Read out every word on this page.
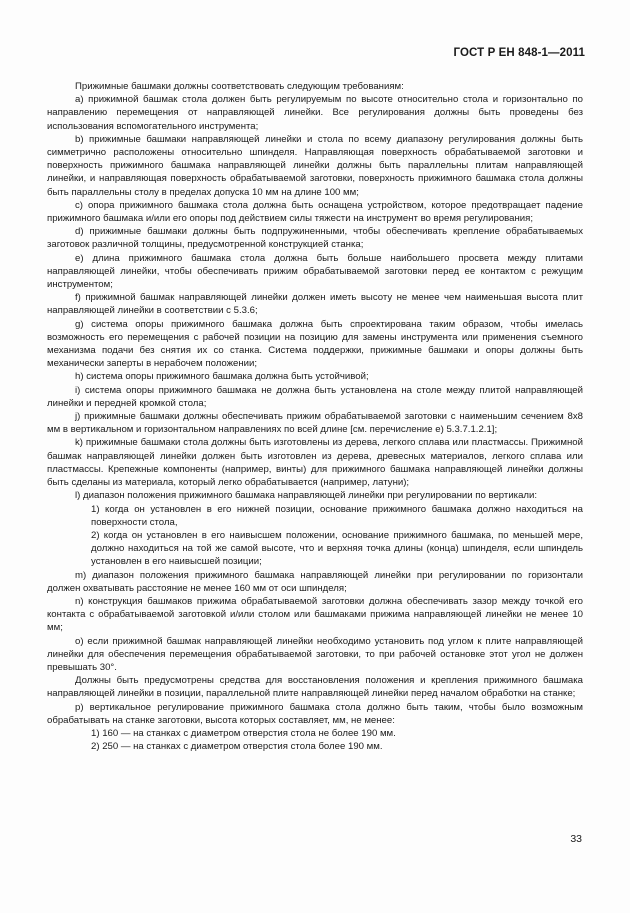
ГОСТ Р ЕН 848-1—2011

Прижимные башмаки должны соответствовать следующим требованиям:

a) прижимной башмак стола должен быть регулируемым по высоте относительно стола и горизонтально по направлению перемещения от направляющей линейки. Все регулирования должны быть проведены без использования вспомогательного инструмента;

b) прижимные башмаки направляющей линейки и стола по всему диапазону регулирования должны быть симметрично расположены относительно шпинделя. Направляющая поверхность обрабатываемой заготовки и поверхность прижимного башмака направляющей линейки должны быть параллельны плитам направляющей линейки, и направляющая поверхность обрабатываемой заготовки, поверхность прижимного башмака стола должны быть параллельны столу в пределах допуска 10 мм на длине 100 мм;

c) опора прижимного башмака стола должна быть оснащена устройством, которое предотвращает падение прижимного башмака и/или его опоры под действием силы тяжести на инструмент во время регулирования;

d) прижимные башмаки должны быть подпружиненными, чтобы обеспечивать крепление обрабатываемых заготовок различной толщины, предусмотренной конструкцией станка;

e) длина прижимного башмака стола должна быть больше наибольшего просвета между плитами направляющей линейки, чтобы обеспечивать прижим обрабатываемой заготовки перед ее контактом с режущим инструментом;

f) прижимной башмак направляющей линейки должен иметь высоту не менее чем наименьшая высота плит направляющей линейки в соответствии с 5.3.6;

g) система опоры прижимного башмака должна быть спроектирована таким образом, чтобы имелась возможность его перемещения с рабочей позиции на позицию для замены инструмента или применения съемного механизма подачи без снятия их со станка. Система поддержки, прижимные башмаки и опоры должны быть механически заперты в нерабочем положении;

h) система опоры прижимного башмака должна быть устойчивой;

i) система опоры прижимного башмака не должна быть установлена на столе между плитой направляющей линейки и передней кромкой стола;

j) прижимные башмаки должны обеспечивать прижим обрабатываемой заготовки с наименьшим сечением 8х8 мм в вертикальном и горизонтальном направлениях по всей длине [см. перечисление e) 5.3.7.1.2.1];

k) прижимные башмаки стола должны быть изготовлены из дерева, легкого сплава или пластмассы. Прижимной башмак направляющей линейки должен быть изготовлен из дерева, древесных материалов, легкого сплава или пластмассы. Крепежные компоненты (например, винты) для прижимного башмака направляющей линейки должны быть сделаны из материала, который легко обрабатывается (например, латуни);

l) диапазон положения прижимного башмака направляющей линейки при регулировании по вертикали:

1) когда он установлен в его нижней позиции, основание прижимного башмака должно находиться на поверхности стола,

2) когда он установлен в его наивысшем положении, основание прижимного башмака, по меньшей мере, должно находиться на той же самой высоте, что и верхняя точка длины (конца) шпинделя, если шпиндель установлен в его наивысшей позиции;

m) диапазон положения прижимного башмака направляющей линейки при регулировании по горизонтали должен охватывать расстояние не менее 160 мм от оси шпинделя;

n) конструкция башмаков прижима обрабатываемой заготовки должна обеспечивать зазор между точкой его контакта с обрабатываемой заготовкой и/или столом или башмаками прижима направляющей линейки не менее 10 мм;

o) если прижимной башмак направляющей линейки необходимо установить под углом к плите направляющей линейки для обеспечения перемещения обрабатываемой заготовки, то при рабочей остановке этот угол не должен превышать 30°.

Должны быть предусмотрены средства для восстановления положения и крепления прижимного башмака направляющей линейки в позиции, параллельной плите направляющей линейки перед началом обработки на станке;

p) вертикальное регулирование прижимного башмака стола должно быть таким, чтобы было возможным обрабатывать на станке заготовки, высота которых составляет, мм, не менее:

1) 160 — на станках с диаметром отверстия стола не более 190 мм.

2) 250 — на станках с диаметром отверстия стола более 190 мм.

33
